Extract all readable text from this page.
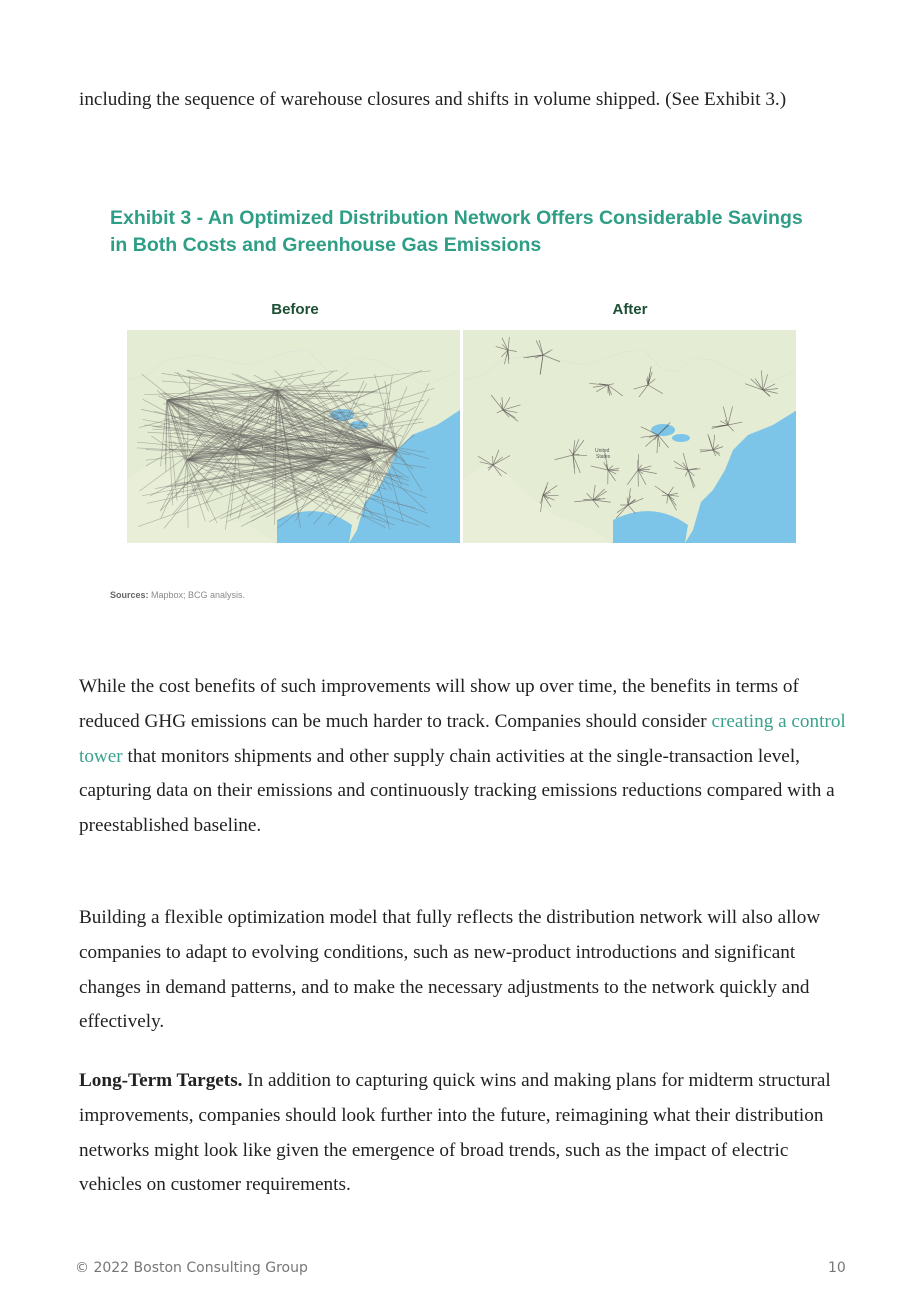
including the sequence of warehouse closures and shifts in volume shipped. (See Exhibit 3.)

Exhibit 3 - An Optimized Distribution Network Offers Considerable Savings in Both Costs and Greenhouse Gas Emissions
Before	After
United States	United
States
Sources: Mapbox; BCG analysis.

While the cost benefits of such improvements will show up over time, the benefits in terms of reduced GHG emissions can be much harder to track. Companies should consider creating a control tower that monitors shipments and other supply chain activities at the single-transaction level, capturing data on their emissions and continuously tracking emissions reductions compared with a preestablished baseline.

Building a flexible optimization model that fully reflects the distribution network will also allow companies to adapt to evolving conditions, such as new-product introductions and significant changes in demand patterns, and to make the necessary adjustments to the network quickly and effectively.

Long-Term Targets. In addition to capturing quick wins and making plans for midterm structural improvements, companies should look further into the future, reimagining what their distribution networks might look like given the emergence of broad trends, such as the impact of electric vehicles on customer requirements.

© 2022 Boston Consulting Group	10
